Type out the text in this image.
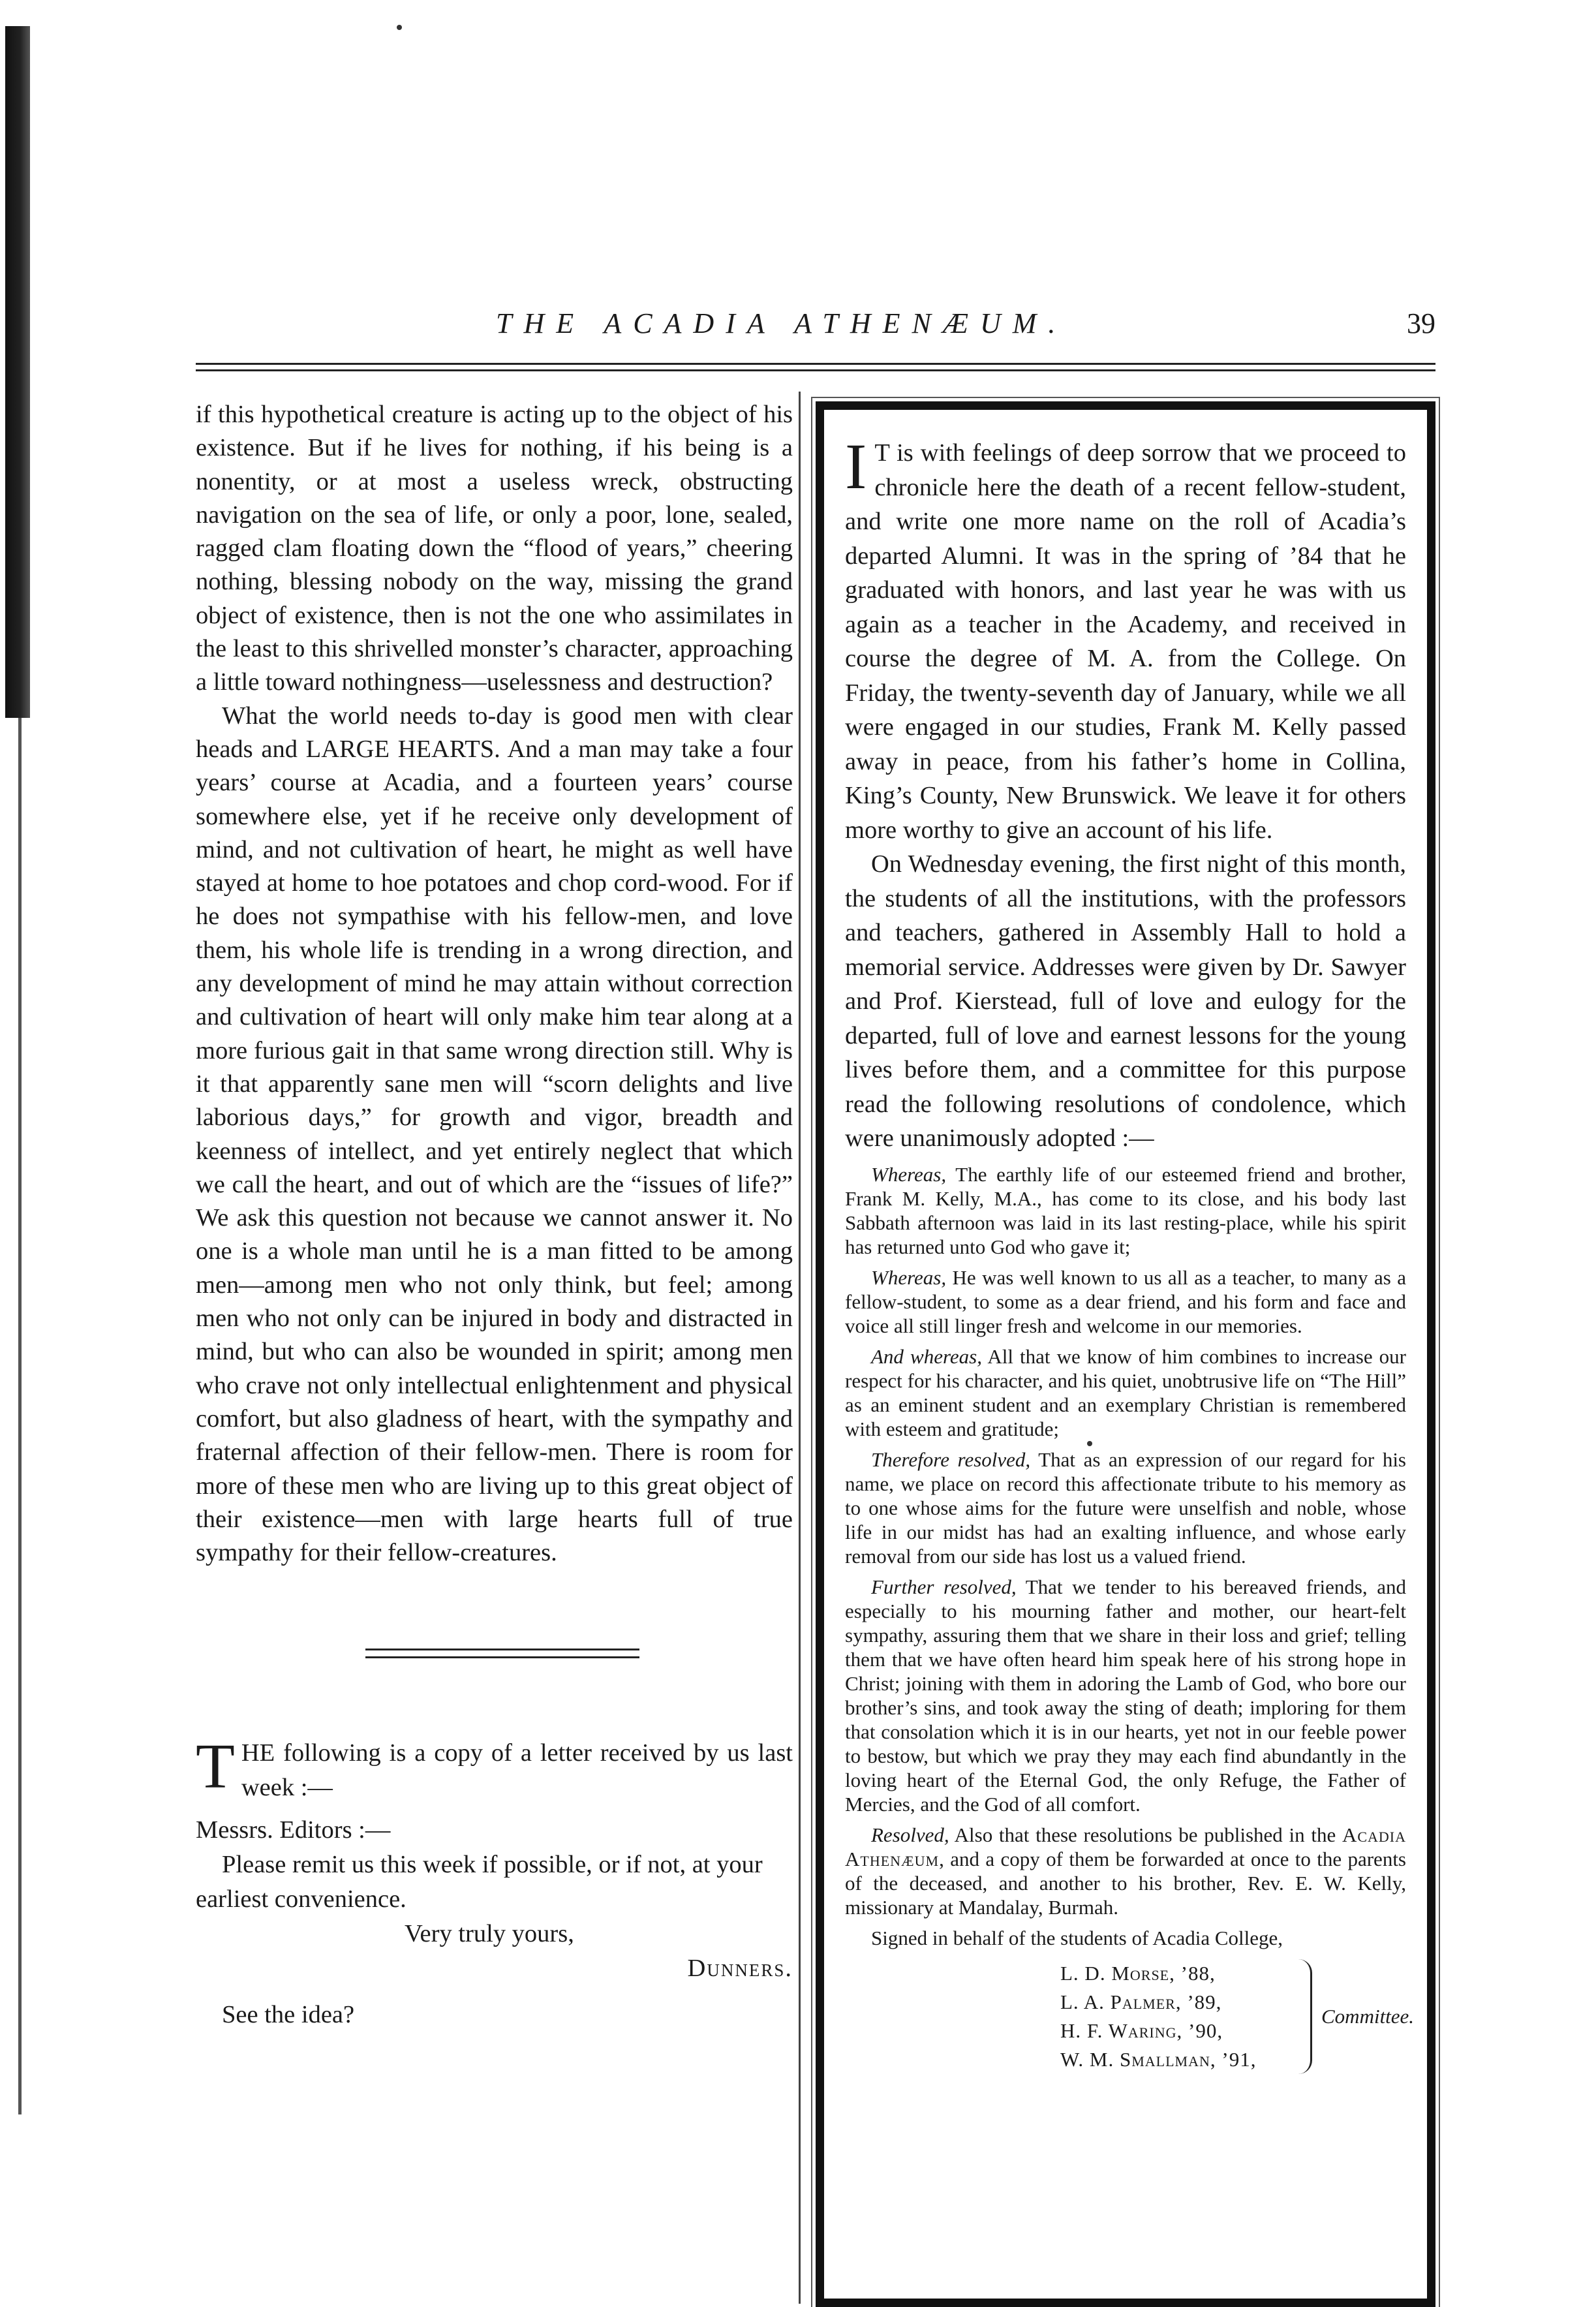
THE ACADIA ATHENÆUM.	39

if this hypothetical creature is acting up to the object of his existence. But if he lives for nothing, if his being is a nonentity, or at most a useless wreck, obstructing navigation on the sea of life, or only a poor, lone, sealed, ragged clam floating down the “flood of years,” cheering nothing, blessing nobody on the way, missing the grand object of existence, then is not the one who assimilates in the least to this shrivelled monster’s character, approaching a little toward nothingness—uselessness and destruction?

What the world needs to-day is good men with clear heads and LARGE HEARTS. And a man may take a four years’ course at Acadia, and a fourteen years’ course somewhere else, yet if he receive only development of mind, and not cultivation of heart, he might as well have stayed at home to hoe potatoes and chop cord-wood. For if he does not sympathise with his fellow-men, and love them, his whole life is trending in a wrong direction, and any development of mind he may attain without correction and cultivation of heart will only make him tear along at a more furious gait in that same wrong direction still. Why is it that apparently sane men will “scorn delights and live laborious days,” for growth and vigor, breadth and keenness of intellect, and yet entirely neglect that which we call the heart, and out of which are the “issues of life?” We ask this question not because we cannot answer it. No one is a whole man until he is a man fitted to be among men—among men who not only think, but feel; among men who not only can be injured in body and distracted in mind, but who can also be wounded in spirit; among men who crave not only intellectual enlightenment and physical comfort, but also gladness of heart, with the sympathy and fraternal affection of their fellow-men. There is room for more of these men who are living up to this great object of their existence—men with large hearts full of true sympathy for their fellow-creatures.

THE following is a copy of a letter received by us last week :—

Messrs. Editors :—

Please remit us this week if possible, or if not, at your earliest convenience.

Very truly yours,

Dunners.

See the idea?

I T is with feelings of deep sorrow that we proceed to chronicle here the death of a recent fellow-student, and write one more name on the roll of Acadia’s departed Alumni. It was in the spring of ’84 that he graduated with honors, and last year he was with us again as a teacher in the Academy, and received in course the degree of M. A. from the College. On Friday, the twenty-seventh day of January, while we all were engaged in our studies, Frank M. Kelly passed away in peace, from his father’s home in Collina, King’s County, New Brunswick. We leave it for others more worthy to give an account of his life.

On Wednesday evening, the first night of this month, the students of all the institutions, with the professors and teachers, gathered in Assembly Hall to hold a memorial service. Addresses were given by Dr. Sawyer and Prof. Kierstead, full of love and eulogy for the departed, full of love and earnest lessons for the young lives before them, and a committee for this purpose read the following resolutions of condolence, which were unanimously adopted :—

Whereas, The earthly life of our esteemed friend and brother, Frank M. Kelly, M.A., has come to its close, and his body last Sabbath afternoon was laid in its last resting-place, while his spirit has returned unto God who gave it;

Whereas, He was well known to us all as a teacher, to many as a fellow-student, to some as a dear friend, and his form and face and voice all still linger fresh and welcome in our memories.

And whereas, All that we know of him combines to increase our respect for his character, and his quiet, unobtrusive life on “The Hill” as an eminent student and an exemplary Christian is remembered with esteem and gratitude;

Therefore resolved, That as an expression of our regard for his name, we place on record this affectionate tribute to his memory as to one whose aims for the future were unselfish and noble, whose life in our midst has had an exalting influence, and whose early removal from our side has lost us a valued friend.

Further resolved, That we tender to his bereaved friends, and especially to his mourning father and mother, our heart-felt sympathy, assuring them that we share in their loss and grief; telling them that we have often heard him speak here of his strong hope in Christ; joining with them in adoring the Lamb of God, who bore our brother’s sins, and took away the sting of death; imploring for them that consolation which it is in our hearts, yet not in our feeble power to bestow, but which we pray they may each find abundantly in the loving heart of the Eternal God, the only Refuge, the Father of Mercies, and the God of all comfort.

Resolved, Also that these resolutions be published in the Acadia Athenæum, and a copy of them be forwarded at once to the parents of the deceased, and another to his brother, Rev. E. W. Kelly, missionary at Mandalay, Burmah.

Signed in behalf of the students of Acadia College,

L. D. Morse, ’88,
L. A. Palmer, ’89,
H. F. Waring, ’90,
W. M. Smallman, ’91,
Committee.
